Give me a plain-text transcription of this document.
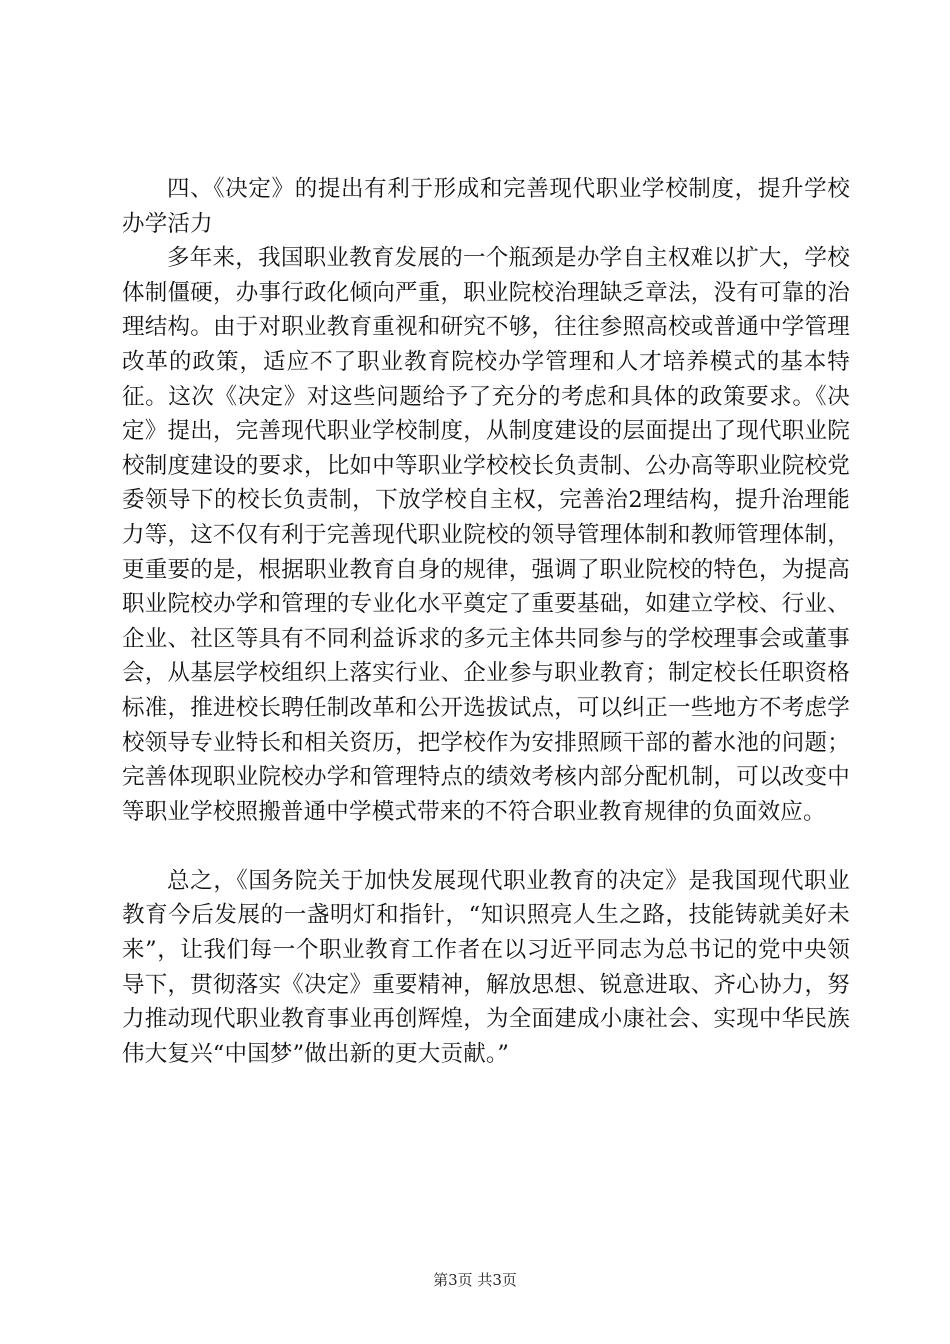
四、《决定》的提出有利于形成和完善现代职业学校制度，提升学校办学活力

多年来，我国职业教育发展的一个瓶颈是办学自主权难以扩大，学校体制僵硬，办事行政化倾向严重，职业院校治理缺乏章法，没有可靠的治理结构。由于对职业教育重视和研究不够，往往参照高校或普通中学管理改革的政策，适应不了职业教育院校办学管理和人才培养模式的基本特征。这次《决定》对这些问题给予了充分的考虑和具体的政策要求。《决定》提出，完善现代职业学校制度，从制度建设的层面提出了现代职业院校制度建设的要求，比如中等职业学校校长负责制、公办高等职业院校党委领导下的校长负责制，下放学校自主权，完善治2理结构，提升治理能力等，这不仅有利于完善现代职业院校的领导管理体制和教师管理体制，更重要的是，根据职业教育自身的规律，强调了职业院校的特色，为提高职业院校办学和管理的专业化水平奠定了重要基础，如建立学校、行业、企业、社区等具有不同利益诉求的多元主体共同参与的学校理事会或董事会，从基层学校组织上落实行业、企业参与职业教育；制定校长任职资格标准，推进校长聘任制改革和公开选拔试点，可以纠正一些地方不考虑学校领导专业特长和相关资历，把学校作为安排照顾干部的蓄水池的问题；完善体现职业院校办学和管理特点的绩效考核内部分配机制，可以改变中等职业学校照搬普通中学模式带来的不符合职业教育规律的负面效应。

总之，《国务院关于加快发展现代职业教育的决定》是我国现代职业教育今后发展的一盏明灯和指针，“知识照亮人生之路，技能铸就美好未来”，让我们每一个职业教育工作者在以习近平同志为总书记的党中央领导下，贯彻落实《决定》重要精神，解放思想、锐意进取、齐心协力，努力推动现代职业教育事业再创辉煌，为全面建成小康社会、实现中华民族伟大复兴“中国梦”做出新的更大贡献。”

第3页 共3页
